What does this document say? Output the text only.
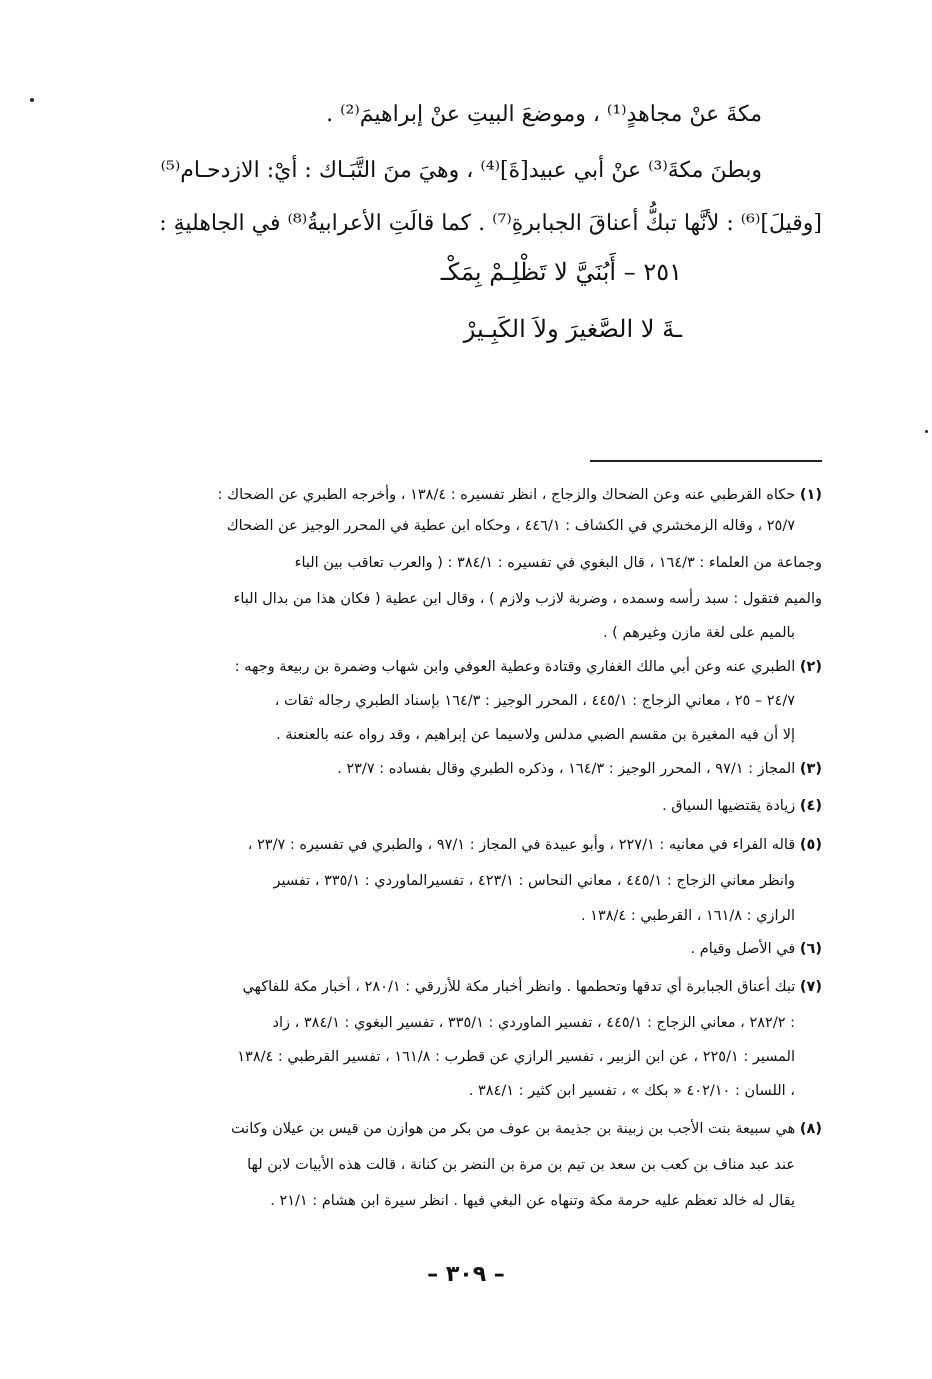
مكةَ عنْ مجاهدٍ⁽¹⁾ ، وموضعَ البيتِ عنْ إبراهيمَ⁽²⁾ .
وبطنَ مكةَ⁽³⁾ عنْ أبي عبيد[ةَ]⁽⁴⁾ ، وهيَ منَ التَّبَـاك : أيْ: الازدحـام⁽⁵⁾
[وقيلَ]⁽⁶⁾ : لأنَّها تبكُّ أعناقَ الجبابرةِ⁽⁷⁾ . كما قالَتِ الأعرابيةُ⁽⁸⁾ في الجاهليةِ :
٢٥١ – أَبُنَيَّ لا تَظْلِـمْ بِمَكْـ
ـةَ لا الصَّغيرَ ولاَ الكَبِـيرْ
(١) حكاه القرطبي عنه وعن الضحاك والزجاج ، انظر تفسيره : ١٣٨/٤ ، وأخرجه الطبري عن الضحاك :
٢٥/٧ ، وقاله الزمخشري في الكشاف : ٤٤٦/١ ، وحكاه ابن عطية في المحرر الوجيز عن الضحاك
وجماعة من العلماء : ١٦٤/٣ ، قال البغوي في تفسيره : ٣٨٤/١ : ( والعرب تعاقب بين الباء
والميم فتقول : سبد رأسه وسمده ، وضربة لازب ولازم ) ، وقال ابن عطية ( فكان هذا من بدال الباء
بالميم على لغة مازن وغيرهم ) .
(٢) الطبري عنه وعن أبي مالك الغفاري وقتادة وعطية العوفي وابن شهاب وضمرة بن ربيعة وجهه :
٢٤/٧ – ٢٥ ، معاني الزجاج : ٤٤٥/١ ، المحرر الوجيز : ١٦٤/٣ بإسناد الطبري رجاله ثقات ،
إلا أن فيه المغيرة بن مقسم الضبي مدلس ولاسيما عن إبراهيم ، وقد رواه عنه بالعنعنة .
(٣) المجاز : ٩٧/١ ، المحرر الوجيز : ١٦٤/٣ ، وذكره الطبري وقال بفساده : ٢٣/٧ .
(٤) زيادة يقتضيها السياق .
(٥) قاله الفراء في معانيه : ٢٢٧/١ ، وأبو عبيدة في المجاز : ٩٧/١ ، والطبري في تفسيره : ٢٣/٧ ،
وانظر معاني الزجاج : ٤٤٥/١ ، معاني النحاس : ٤٢٣/١ ، تفسيرالماوردي : ٣٣٥/١ ، تفسير
الرازي : ١٦١/٨ ، القرطبي : ١٣٨/٤ .
(٦) في الأصل وقيام .
(٧) تبك أعناق الجبابرة أي تدقها وتحطمها . وانظر أخبار مكة للأزرقي : ٢٨٠/١ ، أخبار مكة للفاكهي
: ٢٨٢/٢ ، معاني الزجاج : ٤٤٥/١ ، تفسير الماوردي : ٣٣٥/١ ، تفسير البغوي : ٣٨٤/١ ، زاد
المسير : ٢٢٥/١ ، عن ابن الزبير ، تفسير الرازي عن قطرب : ١٦١/٨ ، تفسير القرطبي : ١٣٨/٤
، اللسان : ٤٠٢/١٠ « بكك » ، تفسير ابن كثير : ٣٨٤/١ .
(٨) هي سبيعة بنت الأجب بن زبينة بن جذيمة بن عوف من بكر من هوازن من قيس بن عيلان وكانت
عند عبد مناف بن كعب بن سعد بن تيم بن مرة بن النضر بن كنانة ، قالت هذه الأبيات لابن لها
يقال له خالد تعظم عليه حرمة مكة وتنهاه عن البغي فيها . انظر سيرة ابن هشام : ٢١/١ .
– ٣٠٩ –
